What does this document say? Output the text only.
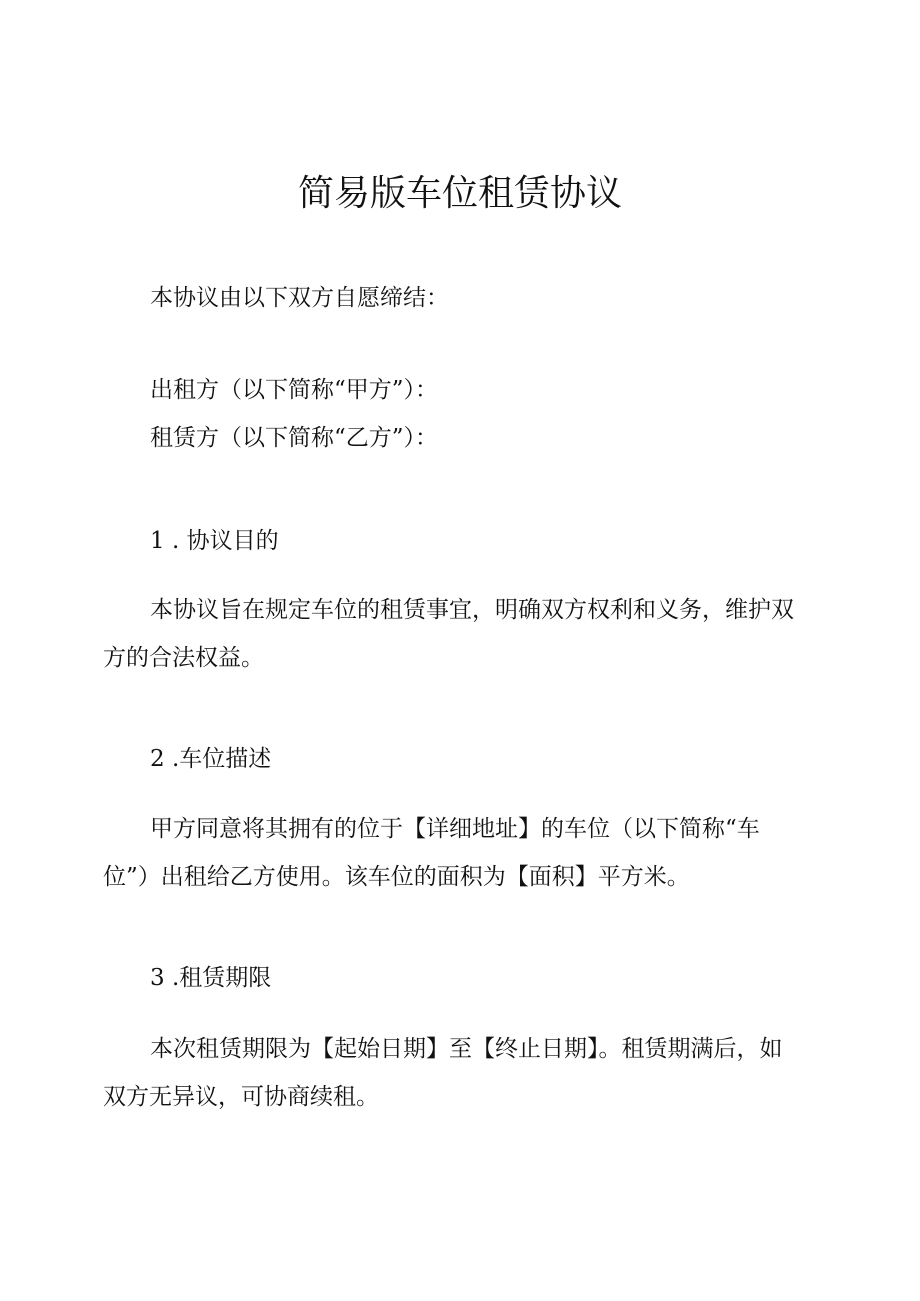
简易版车位租赁协议
本协议由以下双方自愿缔结：
出租方（以下简称“甲方”）：
租赁方（以下简称“乙方”）：
1 . 协议目的
本协议旨在规定车位的租赁事宜，明确双方权利和义务，维护双
方的合法权益。
2 .车位描述
甲方同意将其拥有的位于【详细地址】的车位（以下简称“车
位”）出租给乙方使用。该车位的面积为【面积】平方米。
3 .租赁期限
本次租赁期限为【起始日期】至【终止日期】。租赁期满后，如
双方无异议，可协商续租。
